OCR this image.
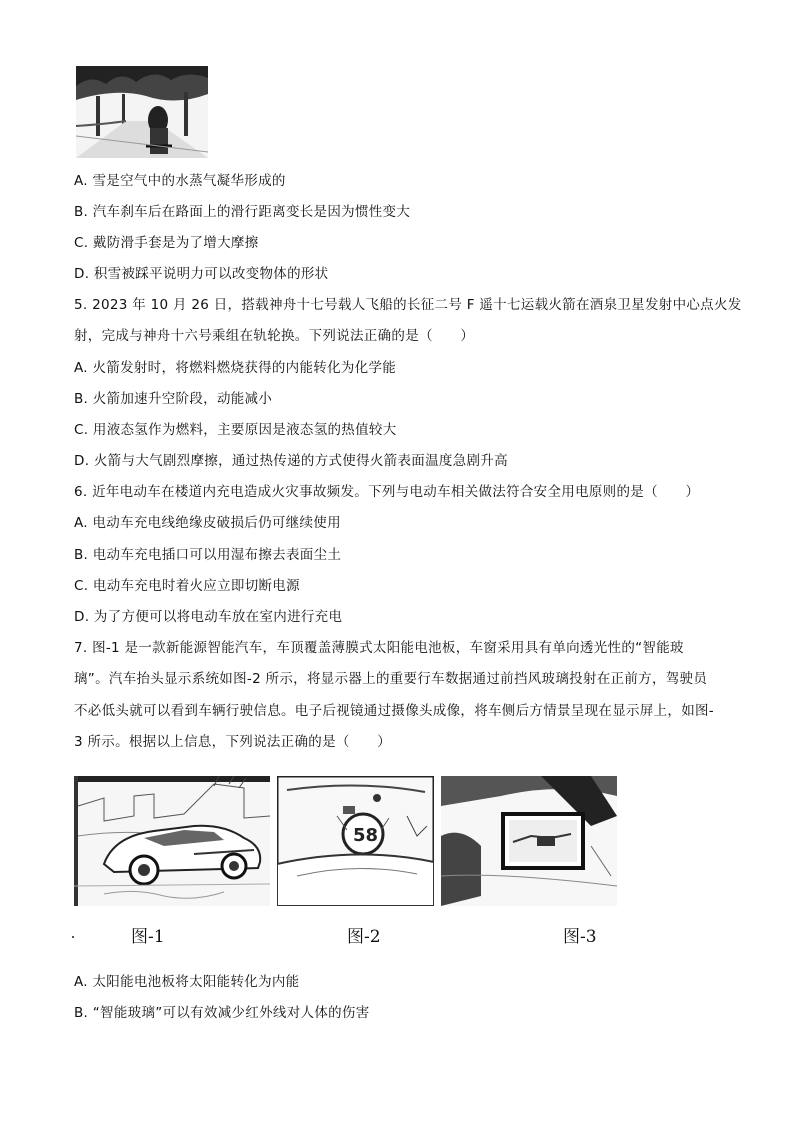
A. 雪是空气中的水蒸气凝华形成的
B. 汽车刹车后在路面上的滑行距离变长是因为惯性变大
C. 戴防滑手套是为了增大摩擦
D. 积雪被踩平说明力可以改变物体的形状
5. 2023 年 10 月 26 日，搭载神舟十七号载人飞船的长征二号 F 遥十七运载火箭在酒泉卫星发射中心点火发
射，完成与神舟十六号乘组在轨轮换。下列说法正确的是（　　）
A. 火箭发射时，将燃料燃烧获得的内能转化为化学能
B. 火箭加速升空阶段，动能减小
C. 用液态氢作为燃料，主要原因是液态氢的热值较大
D. 火箭与大气剧烈摩擦，通过热传递的方式使得火箭表面温度急剧升高
6. 近年电动车在楼道内充电造成火灾事故频发。下列与电动车相关做法符合安全用电原则的是（　　）
A. 电动车充电线绝缘皮破损后仍可继续使用
B. 电动车充电插口可以用湿布擦去表面尘土
C. 电动车充电时着火应立即切断电源
D. 为了方便可以将电动车放在室内进行充电
7. 图-1 是一款新能源智能汽车，车顶覆盖薄膜式太阳能电池板，车窗采用具有单向透光性的“智能玻
璃”。汽车抬头显示系统如图-2 所示，将显示器上的重要行车数据通过前挡风玻璃投射在正前方，驾驶员
不必低头就可以看到车辆行驶信息。电子后视镜通过摄像头成像，将车侧后方情景呈现在显示屏上，如图-
3 所示。根据以上信息，下列说法正确的是（　　）
58
图-1	图-2	图-3
A. 太阳能电池板将太阳能转化为内能
B. “智能玻璃”可以有效减少红外线对人体的伤害
